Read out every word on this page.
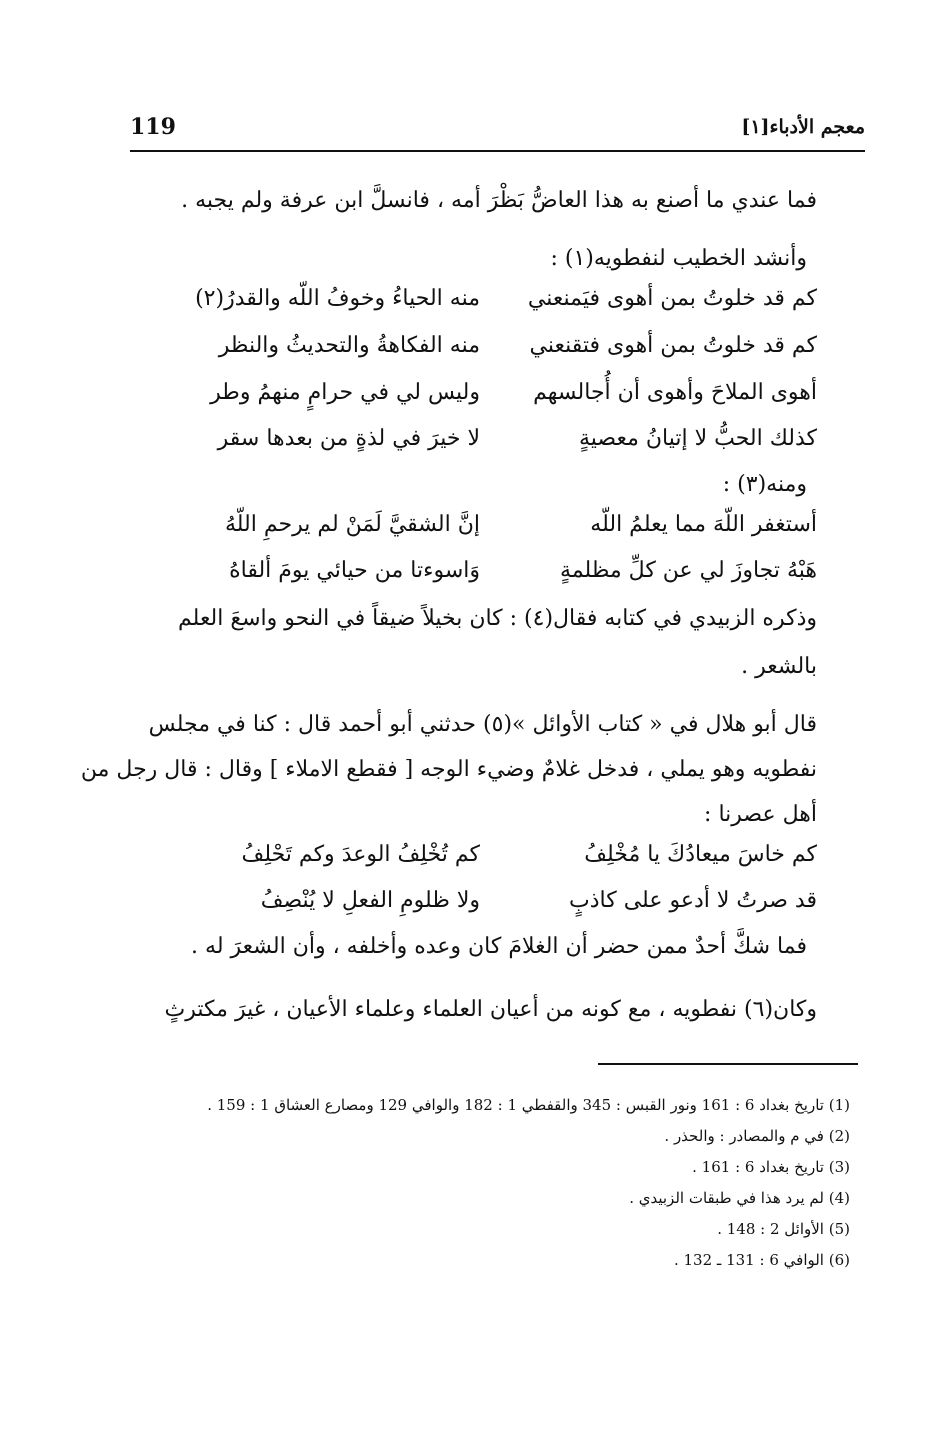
معجم الأدباء[١]
119
فما عندي ما أصنع به هذا العاضُّ بَظْرَ أمه ، فانسلَّ ابن عرفة ولم يجبه .
وأنشد الخطيب لنفطويه(١) :
كم قد خلوتُ بمن أهوى فيَمنعني
منه الحياءُ وخوفُ اللّه والقدرُ(٢)
كم قد خلوتُ بمن أهوى فتقنعني
منه الفكاهةُ والتحديثُ والنظر
أهوى الملاحَ وأهوى أن أُجالسهم
وليس لي في حرامٍ منهمُ وطر
كذلك الحبُّ لا إتيانُ معصيةٍ
لا خيرَ في لذةٍ من بعدها سقر
ومنه(٣) :
أستغفر اللّهَ مما يعلمُ اللّه
إنَّ الشقيَّ لَمَنْ لم يرحمِ اللّهُ
هَبْهُ تجاوزَ لي عن كلِّ مظلمةٍ
وَاسوءتا من حيائي يومَ ألقاهُ
وذكره الزبيدي في كتابه فقال(٤) : كان بخيلاً ضيقاً في النحو واسعَ العلم
بالشعر .
قال أبو هلال في « كتاب الأوائل »(٥) حدثني أبو أحمد قال : كنا في مجلس
نفطويه وهو يملي ، فدخل غلامٌ وضيء الوجه [ فقطع الاملاء ] وقال : قال رجل من
أهل عصرنا :
كم خاسَ ميعادُكَ يا مُخْلِفُ
كم تُخْلِفُ الوعدَ وكم تَحْلِفُ
قد صرتُ لا أدعو على كاذبٍ
ولا ظلومِ الفعلِ لا يُنْصِفُ
فما شكَّ أحدٌ ممن حضر أن الغلامَ كان وعده وأخلفه ، وأن الشعرَ له .
وكان(٦) نفطويه ، مع كونه من أعيان العلماء وعلماء الأعيان ، غيرَ مكترثٍ
(1) تاريخ بغداد 6 : 161 ونور القبس : 345 والقفطي 1 : 182 والوافي 129 ومصارع العشاق 1 : 159 .
(2) في م والمصادر : والحذر .
(3) تاريخ بغداد 6 : 161 .
(4) لم يرد هذا في طبقات الزبيدي .
(5) الأوائل 2 : 148 .
(6) الوافي 6 : 131 ـ 132 .
